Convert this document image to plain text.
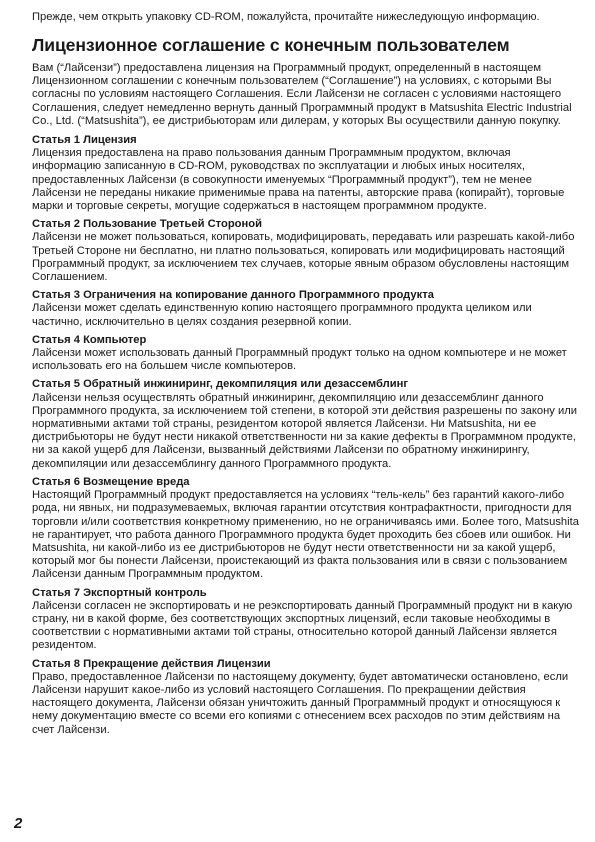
Прежде, чем открыть упаковку CD-ROM, пожалуйста, прочитайте нижеследующую информацию.

Лицензионное соглашение с конечным пользователем

Вам (“Лайсензи”) предоставлена лицензия на Программный продукт, определенный в настоящем Лицензионном соглашении с конечным пользователем (“Соглашение”) на условиях, с которыми Вы согласны по условиям настоящего Соглашения. Если Лайсензи не согласен с условиями настоящего Соглашения, следует немедленно вернуть данный Программный продукт в Matsushita Electric Industrial Co., Ltd. (“Matsushita”), ее дистрибьюторам или дилерам, у которых Вы осуществили данную покупку.

Статья 1 Лицензия

Лицензия предоставлена на право пользования данным Программным продуктом, включая информацию записанную в CD-ROM, руководствах по эксплуатации и любых иных носителях, предоставленных Лайсензи (в совокупности именуемых “Программный продукт”), тем не менее Лайсензи не переданы никакие применимые права на патенты, авторские права (копирайт), торговые марки и торговые секреты, могущие содержаться в настоящем программном продукте.

Статья 2 Пользование Третьей Стороной

Лайсензи не может пользоваться, копировать, модифицировать, передавать или разрешать какой-либо Третьей Стороне ни бесплатно, ни платно пользоваться, копировать или модифицировать настоящий Программный продукт, за исключением тех случаев, которые явным образом обусловлены настоящим Соглашением.

Статья 3 Ограничения на копирование данного Программного продукта

Лайсензи может сделать единственную копию настоящего программного продукта целиком или частично, исключительно в целях создания резервной копии.

Статья 4 Компьютер

Лайсензи может использовать данный Программный продукт только на одном компьютере и не может использовать его на большем числе компьютеров.

Статья 5 Обратный инжиниринг, декомпиляция или дезассемблинг

Лайсензи нельзя осуществлять обратный инжиниринг, декомпиляцию или дезассемблинг данного Программного продукта, за исключением той степени, в которой эти действия разрешены по закону или нормативными актами той страны, резидентом которой является Лайсензи. Ни Matsushita, ни ее дистрибьюторы не будут нести никакой ответственности ни за какие дефекты в Программном продукте, ни за какой ущерб для Лайсензи, вызванный действиями Лайсензи по обратному инжинирингу, декомпиляции или дезассемблингу данного Программного продукта.

Статья 6 Возмещение вреда

Настоящий Программный продукт предоставляется на условиях “тель-кель” без гарантий какого-либо рода, ни явных, ни подразумеваемых, включая гарантии отсутствия контрафактности, пригодности для торговли и/или соответствия конкретному применению, но не ограничиваясь ими. Более того, Matsushita не гарантирует, что работа данного Программного продукта будет проходить без сбоев или ошибок. Ни Matsushita, ни какой-либо из ее дистрибьюторов не будут нести ответственности ни за какой ущерб, который мог бы понести Лайсензи, проистекающий из факта пользования или в связи с пользованием Лайсензи данным Программным продуктом.

Статья 7 Экспортный контроль

Лайсензи согласен не экспортировать и не реэкспортировать данный Программный продукт ни в какую страну, ни в какой форме, без соответствующих экспортных лицензий, если таковые необходимы в соответствии с нормативными актами той страны, относительно которой данный Лайсензи является резидентом.

Статья 8 Прекращение действия Лицензии

Право, предоставленное Лайсензи по настоящему документу, будет автоматически остановлено, если Лайсензи нарушит какое-либо из условий настоящего Соглашения. По прекращении действия настоящего документа, Лайсензи обязан уничтожить данный Программный продукт и относящуюся к нему документацию вместе со всеми его копиями с отнесением всех расходов по этим действиям на счет Лайсензи.

2
